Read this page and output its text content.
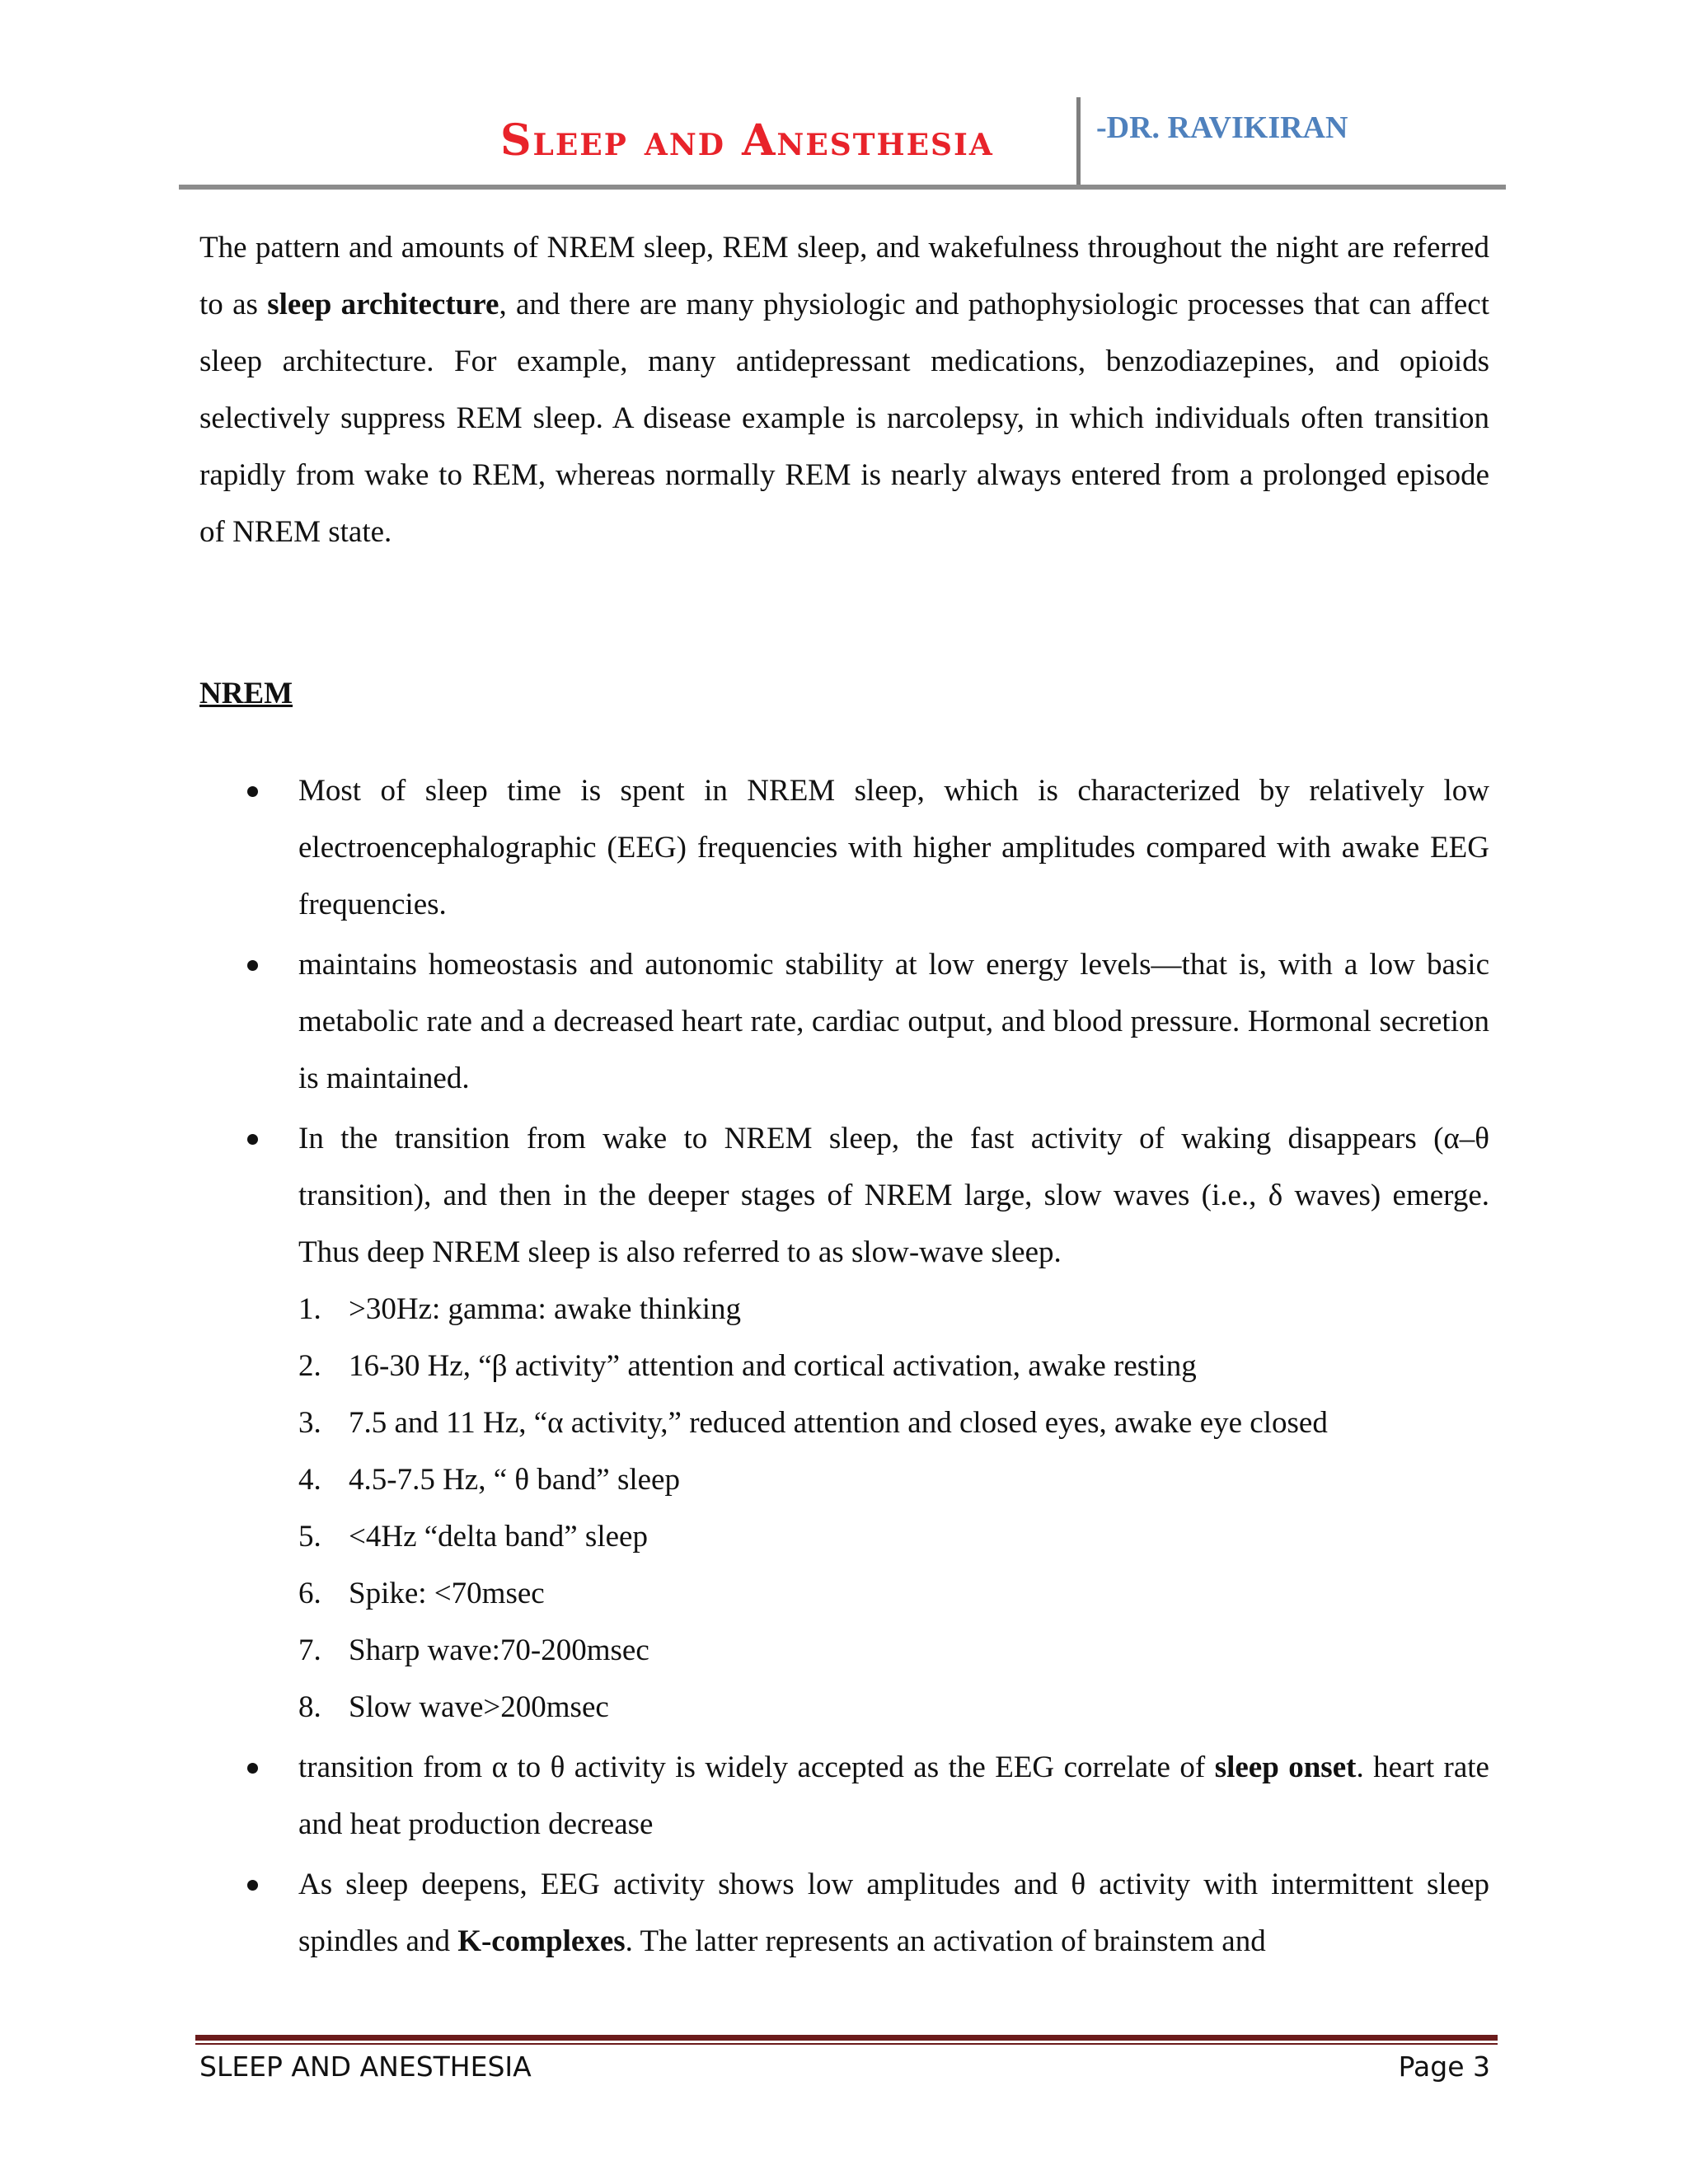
Sleep and Anesthesia	-DR. RAVIKIRAN

The pattern and amounts of NREM sleep, REM sleep, and wakefulness throughout the night are referred to as sleep architecture, and there are many physiologic and pathophysiologic processes that can affect sleep architecture. For example, many antidepressant medications, benzodiazepines, and opioids selectively suppress REM sleep. A disease example is narcolepsy, in which individuals often transition rapidly from wake to REM, whereas normally REM is nearly always entered from a prolonged episode of NREM state.

NREM

Most of sleep time is spent in NREM sleep, which is characterized by relatively low electroencephalographic (EEG) frequencies with higher amplitudes compared with awake EEG frequencies.
maintains homeostasis and autonomic stability at low energy levels—that is, with a low basic metabolic rate and a decreased heart rate, cardiac output, and blood pressure. Hormonal secretion is maintained.
In the transition from wake to NREM sleep, the fast activity of waking disappears (α–θ transition), and then in the deeper stages of NREM large, slow waves (i.e., δ waves) emerge. Thus deep NREM sleep is also referred to as slow-wave sleep.
1. >30Hz: gamma: awake thinking
2. 16-30 Hz, “β activity” attention and cortical activation, awake resting
3. 7.5 and 11 Hz, “α activity,” reduced attention and closed eyes, awake eye closed
4. 4.5-7.5 Hz, “ θ band” sleep
5. <4Hz “delta band” sleep
6. Spike: <70msec
7. Sharp wave:70-200msec
8. Slow wave>200msec
transition from α to θ activity is widely accepted as the EEG correlate of sleep onset. heart rate and heat production decrease
As sleep deepens, EEG activity shows low amplitudes and θ activity with intermittent sleep spindles and K-complexes. The latter represents an activation of brainstem and
SLEEP AND ANESTHESIA	Page 3
